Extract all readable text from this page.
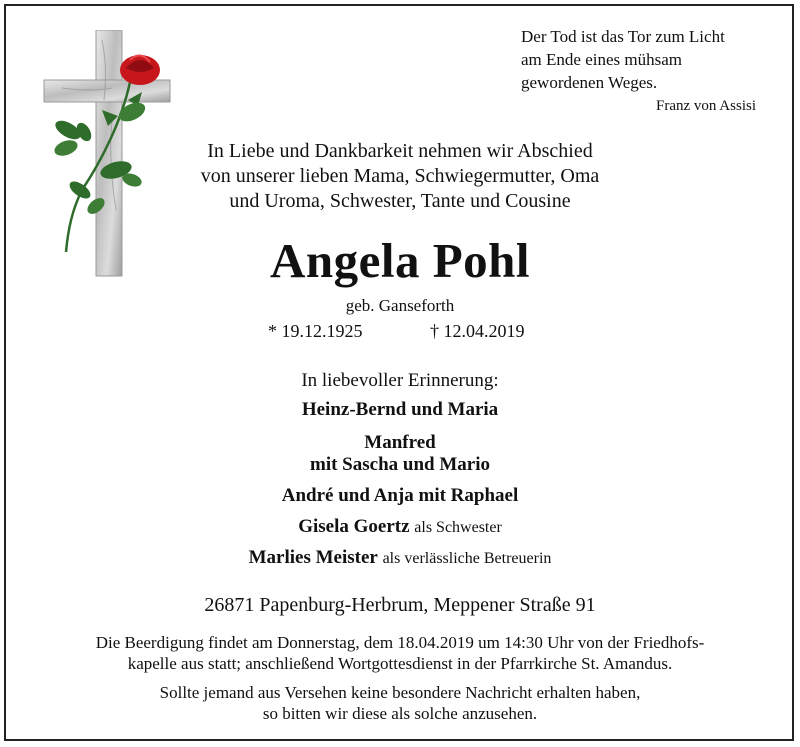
Der Tod ist das Tor zum Licht
am Ende eines mühsam
gewordenen Weges.
Franz von Assisi
In Liebe und Dankbarkeit nehmen wir Abschied
von unserer lieben Mama, Schwiegermutter, Oma
und Uroma, Schwester, Tante und Cousine
Angela Pohl
geb. Ganseforth
* 19.12.1925	† 12.04.2019
In liebevoller Erinnerung:
Heinz-Bernd und Maria
Manfred
mit Sascha und Mario
André und Anja mit Raphael
Gisela Goertz als Schwester
Marlies Meister als verlässliche Betreuerin
26871 Papenburg-Herbrum, Meppener Straße 91
Die Beerdigung findet am Donnerstag, dem 18.04.2019 um 14:30 Uhr von der Friedhofs-
kapelle aus statt; anschließend Wortgottesdienst in der Pfarrkirche St. Amandus.
Sollte jemand aus Versehen keine besondere Nachricht erhalten haben,
so bitten wir diese als solche anzusehen.
